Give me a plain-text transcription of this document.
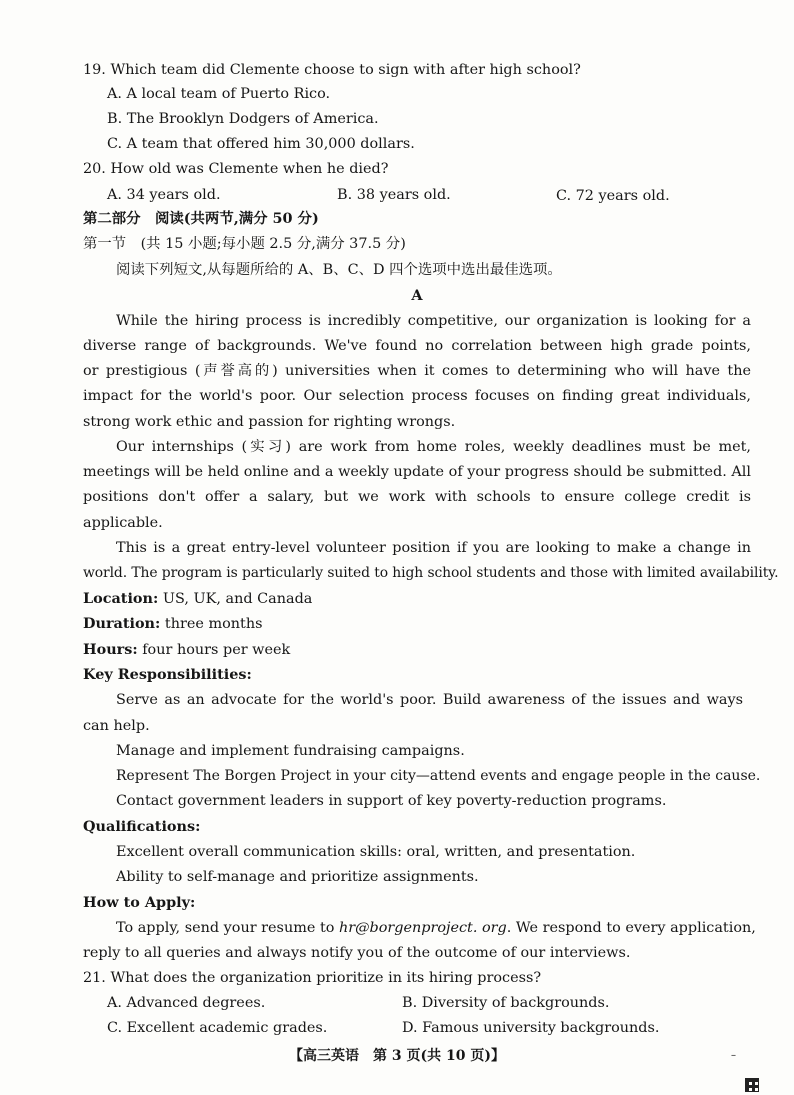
19. Which team did Clemente choose to sign with after high school?
A. A local team of Puerto Rico.
B. The Brooklyn Dodgers of America.
C. A team that offered him 30,000 dollars.
20. How old was Clemente when he died?
A. 34 years old.	B. 38 years old.	C. 72 years old.
第二部分　阅读(共两节,满分 50 分)
第一节　(共 15 小题;每小题 2.5 分,满分 37.5 分)
阅读下列短文,从每题所给的 A、B、C、D 四个选项中选出最佳选项。
A
While the hiring process is incredibly competitive, our organization is looking for a
diverse range of backgrounds. We've found no correlation between high grade points,
or prestigious (声誉高的) universities when it comes to determining who will have the
impact for the world's poor. Our selection process focuses on finding great individuals,
strong work ethic and passion for righting wrongs.
Our internships (实习) are work from home roles, weekly deadlines must be met,
meetings will be held online and a weekly update of your progress should be submitted. All
positions don't offer a salary, but we work with schools to ensure college credit is
applicable.
This is a great entry-level volunteer position if you are looking to make a change in
world. The program is particularly suited to high school students and those with limited availability.
Location: US, UK, and Canada
Duration: three months
Hours: four hours per week
Key Responsibilities:
Serve as an advocate for the world's poor. Build awareness of the issues and ways
can help.
Manage and implement fundraising campaigns.
Represent The Borgen Project in your city—attend events and engage people in the cause.
Contact government leaders in support of key poverty-reduction programs.
Qualifications:
Excellent overall communication skills: oral, written, and presentation.
Ability to self-manage and prioritize assignments.
How to Apply:
To apply, send your resume to hr@borgenproject. org. We respond to every application,
reply to all queries and always notify you of the outcome of our interviews.
21. What does the organization prioritize in its hiring process?
A. Advanced degrees.	B. Diversity of backgrounds.
C. Excellent academic grades.	D. Famous university backgrounds.
【高三英语　第 3 页(共 10 页)】	–
